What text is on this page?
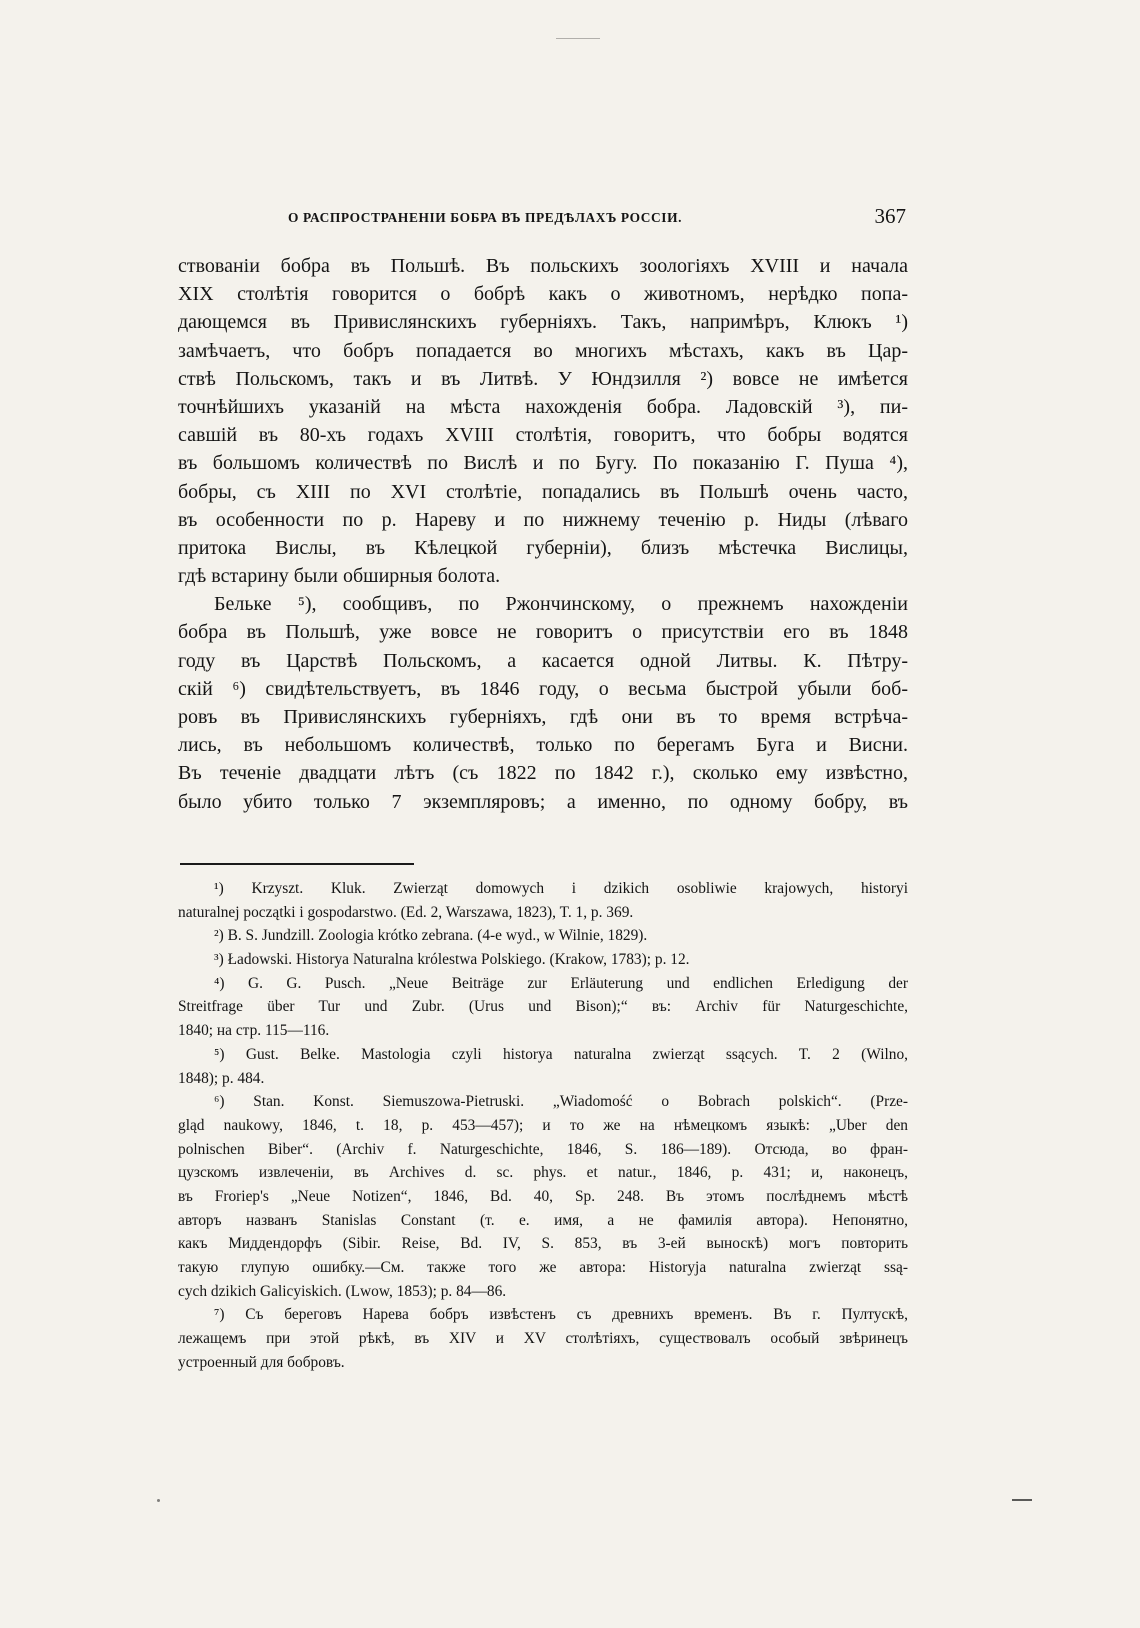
О РАСПРОСТРАНЕНІИ БОБРА ВЪ ПРЕДѢЛАХЪ РОССІИ.	367
ствованіи бобра въ Польшѣ. Въ польскихъ зоологіяхъ XVIII и начала
XIX столѣтія говорится о бобрѣ какъ о животномъ, нерѣдко попа-
дающемся въ Привислянскихъ губерніяхъ. Такъ, напримѣръ, Клюкъ ¹)
замѣчаетъ, что бобръ попадается во многихъ мѣстахъ, какъ въ Цар-
ствѣ Польскомъ, такъ и въ Литвѣ. У Юндзилля ²) вовсе не имѣется
точнѣйшихъ указаній на мѣста нахожденія бобра. Ладовскій ³), пи-
савшій въ 80-хъ годахъ XVIII столѣтія, говоритъ, что бобры водятся
въ большомъ количествѣ по Вислѣ и по Бугу. По показанію Г. Пуша ⁴),
бобры, съ XIII по XVI столѣтіе, попадались въ Польшѣ очень часто,
въ особенности по р. Нареву и по нижнему теченію р. Ниды (лѣваго
притока Вислы, въ Кѣлецкой губерніи), близъ мѣстечка Вислицы,
гдѣ встарину были обширныя болота.
Бельке ⁵), сообщивъ, по Ржончинскому, о прежнемъ нахожденіи
бобра въ Польшѣ, уже вовсе не говоритъ о присутствіи его въ 1848
году въ Царствѣ Польскомъ, а касается одной Литвы. К. Пѣтру-
скій ⁶) свидѣтельствуетъ, въ 1846 году, о весьма быстрой убыли боб-
ровъ въ Привислянскихъ губерніяхъ, гдѣ они въ то время встрѣча-
лись, въ небольшомъ количествѣ, только по берегамъ Буга и Висни.
Въ теченіе двадцати лѣтъ (съ 1822 по 1842 г.), сколько ему извѣстно,
было убито только 7 экземпляровъ; а именно, по одному бобру, въ
¹) Krzyszt. Kluk. Zwierząt domowych i dzikich osobliwie krajowych, historyi
naturalnej początki i gospodarstwo. (Ed. 2, Warszawa, 1823), T. 1, p. 369.
²) B. S. Jundzill. Zoologia krótko zebrana. (4-е wyd., w Wilnie, 1829).
³) Ładowski. Historya Naturalna królestwa Polskiego. (Krakow, 1783); p. 12.
⁴) G. G. Pusch. „Neue Beiträge zur Erläuterung und endlichen Erledigung der
Streitfrage über Tur und Zubr. (Urus und Bison);“ въ: Archiv für Naturgeschichte,
1840; на стр. 115—116.
⁵) Gust. Belke. Mastologia czyli historya naturalna zwierząt ssących. T. 2 (Wilno,
1848); p. 484.
⁶) Stan. Konst. Siemuszowa-Pietruski. „Wiadomość o Bobrach polskich“. (Prze-
gląd naukowy, 1846, t. 18, p. 453—457); и то же на нѣмецкомъ языкѣ: „Uber den
polnischen Biber“. (Archiv f. Naturgeschichte, 1846, S. 186—189). Отсюда, во фран-
цузскомъ извлеченіи, въ Archives d. sc. phys. et natur., 1846, p. 431; и, наконецъ,
въ Froriep's „Neue Notizen“, 1846, Bd. 40, Sp. 248. Въ этомъ послѣднемъ мѣстѣ
авторъ названъ Stanislas Constant (т. е. имя, а не фамилія автора). Непонятно,
какъ Миддендорфъ (Sibir. Reise, Bd. IV, S. 853, въ 3-ей выноскѣ) могъ повторить
такую глупую ошибку.—См. также того же автора: Historyja naturalna zwierząt ssą-
cych dzikich Galicyiskich. (Lwow, 1853); p. 84—86.
⁷) Съ береговъ Нарева бобръ извѣстенъ съ древнихъ временъ. Въ г. Пултускѣ,
лежащемъ при этой рѣкѣ, въ XIV и XV столѣтіяхъ, существовалъ особый звѣринецъ
устроенный для бобровъ.
